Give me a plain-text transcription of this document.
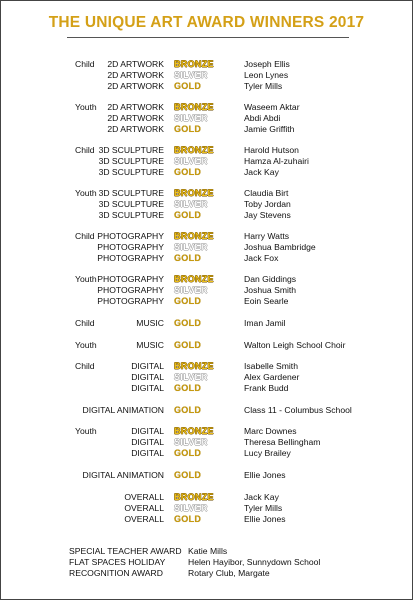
THE UNIQUE ART AWARD WINNERS 2017
Child 2D ARTWORK BRONZE	Joseph Ellis
2D ARTWORK SILVER	Leon Lynes
2D ARTWORK GOLD	Tyler Mills
Youth 2D ARTWORK BRONZE	Waseem Aktar
2D ARTWORK SILVER	Abdi Abdi
2D ARTWORK GOLD	Jamie Griffith
Child 3D SCULPTURE BRONZE	Harold Hutson
3D SCULPTURE SILVER	Hamza Al-zuhairi
3D SCULPTURE GOLD	Jack Kay
Youth 3D SCULPTURE BRONZE	Claudia Birt
3D SCULPTURE SILVER	Toby Jordan
3D SCULPTURE GOLD	Jay Stevens
Child PHOTOGRAPHY BRONZE	Harry Watts
PHOTOGRAPHY SILVER	Joshua Bambridge
PHOTOGRAPHY GOLD	Jack Fox
Youth PHOTOGRAPHY BRONZE	Dan Giddings
PHOTOGRAPHY SILVER	Joshua Smith
PHOTOGRAPHY GOLD	Eoin Searle
Child	MUSIC GOLD	Iman Jamil
Youth	MUSIC GOLD	Walton Leigh School Choir
Child	DIGITAL BRONZE	Isabelle Smith
DIGITAL SILVER	Alex Gardener
DIGITAL GOLD	Frank Budd
DIGITAL ANIMATION GOLD	Class 11 - Columbus School
Youth	DIGITAL BRONZE	Marc Downes
DIGITAL SILVER	Theresa Bellingham
DIGITAL GOLD	Lucy Brailey
DIGITAL ANIMATION GOLD	Ellie Jones
OVERALL BRONZE	Jack Kay
OVERALL SILVER	Tyler Mills
OVERALL GOLD	Ellie Jones
SPECIAL TEACHER AWARD Katie Mills
FLAT SPACES HOLIDAY	Helen Hayibor, Sunnydown School
RECOGNITION AWARD	Rotary Club, Margate
